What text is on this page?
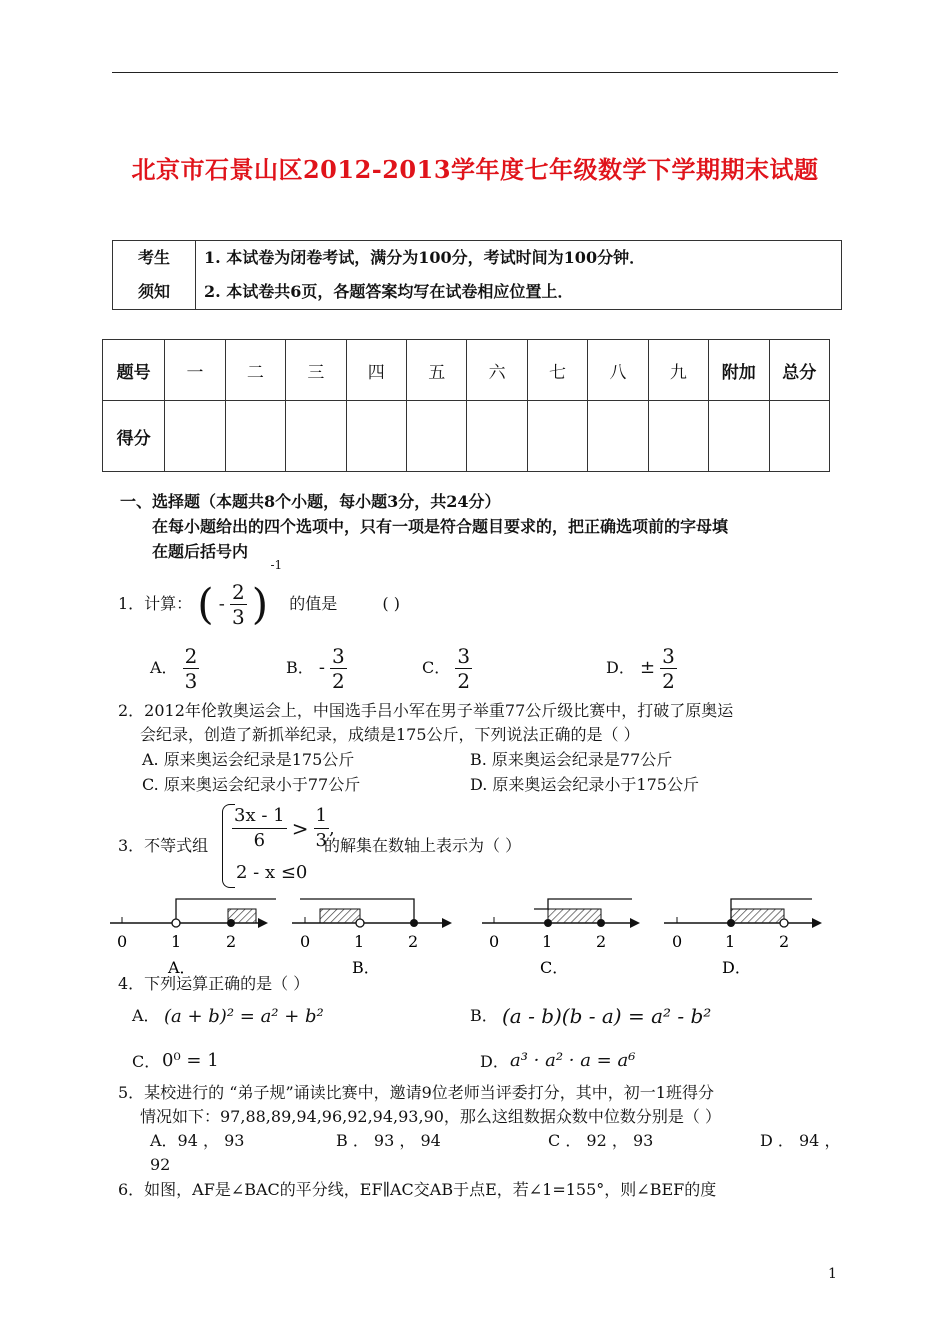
北京市石景山区2012-2013学年度七年级数学下学期期末试题
考生
须知

1. 本试卷为闭卷考试，满分为100分，考试时间为100分钟．
2. 本试卷共6页，各题答案均写在试卷相应位置上．
题号	一	二	三	四	五	六	七	八	九	附加	总分
得分											
一、选择题（本题共8个小题，每小题3分，共24分）
在每小题给出的四个选项中，只有一项是符合题目要求的，把正确选项前的字母填
在题后括号内
1．计算： ( - $\frac{2}{3}$ )
-1
的值是	( )
A． $\frac{2}{3}$	B． - $\frac{3}{2}$	C． $\frac{3}{2}$	D． ± $\frac{3}{2}$
2．2012年伦敦奥运会上，中国选手吕小军在男子举重77公斤级比赛中，打破了原奥运
会纪录，创造了新抓举纪录，成绩是175公斤，下列说法正确的是（ ）
A. 原来奥运会纪录是175公斤	B. 原来奥运会纪录是77公斤
C. 原来奥运会纪录小于77公斤	D. 原来奥运会纪录小于175公斤
3．不等式组 $\frac{3x - 1}{6} > \frac{1}{3}$ ,
2 - x ≤0
的解集在数轴上表示为（ ）
0	1	2
A．
0	1	2
B．
0	1	2
C．
0	1	2
D．
4．下列运算正确的是（ ）
A． (a + b)² = a² + b²	B． (a - b)(b - a) = a² - b²
C． 0⁰ = 1	D． a³ · a² · a = a⁶
5．某校进行的 “弟子规”诵读比赛中，邀请9位老师当评委打分，其中，初一1班得分
情况如下：97,88,89,94,96,92,94,93,90，那么这组数据众数中位数分别是（ ）
A．94 ， 93	B ． 93 ， 94	C ． 92 ， 93	D ． 94 ，
92
6．如图，AF是∠BAC的平分线，EF∥AC交AB于点E，若∠1=155°，则∠BEF的度
1
